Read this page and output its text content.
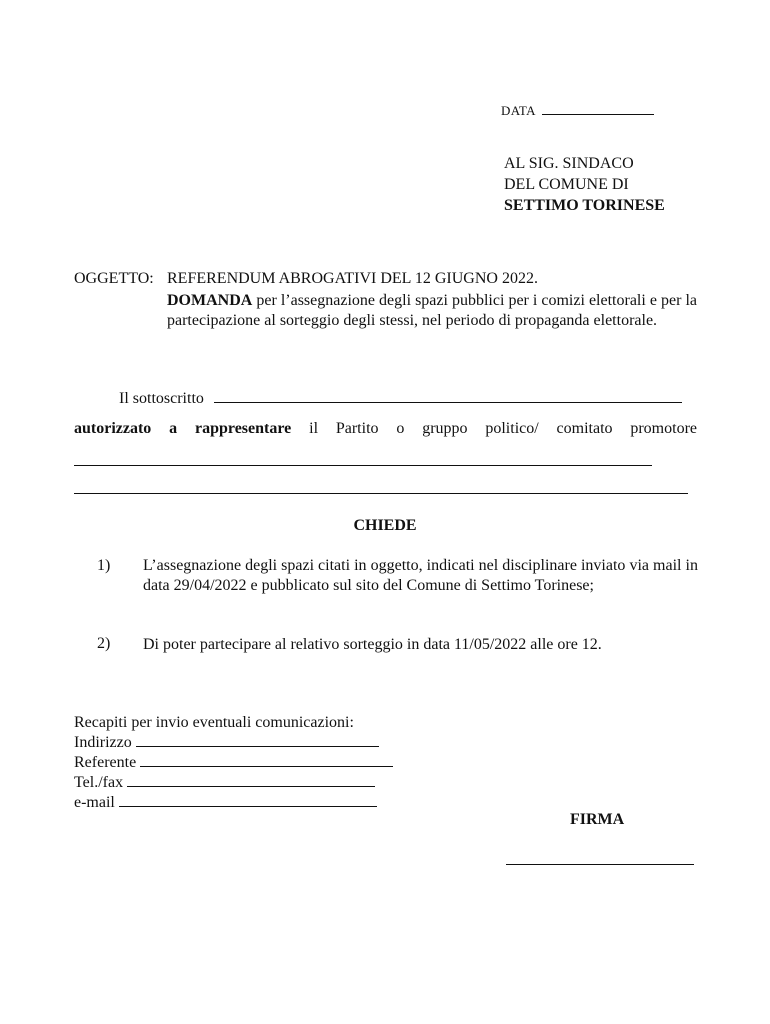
DATA
AL SIG. SINDACO
DEL COMUNE DI
SETTIMO TORINESE
OGGETTO: REFERENDUM ABROGATIVI DEL 12 GIUGNO 2022.
DOMANDA per l’assegnazione degli spazi pubblici per i comizi elettorali e per la partecipazione al sorteggio degli stessi, nel periodo di propaganda elettorale.
Il sottoscritto
autorizzato a rappresentare il Partito o gruppo politico/ comitato promotore
CHIEDE
1) L’assegnazione degli spazi citati in oggetto, indicati nel disciplinare inviato via mail in data 29/04/2022 e pubblicato sul sito del Comune di Settimo Torinese;
2) Di poter partecipare al relativo sorteggio in data 11/05/2022 alle ore 12.
Recapiti per invio eventuali comunicazioni:
Indirizzo
Referente
Tel./fax
e-mail
FIRMA
